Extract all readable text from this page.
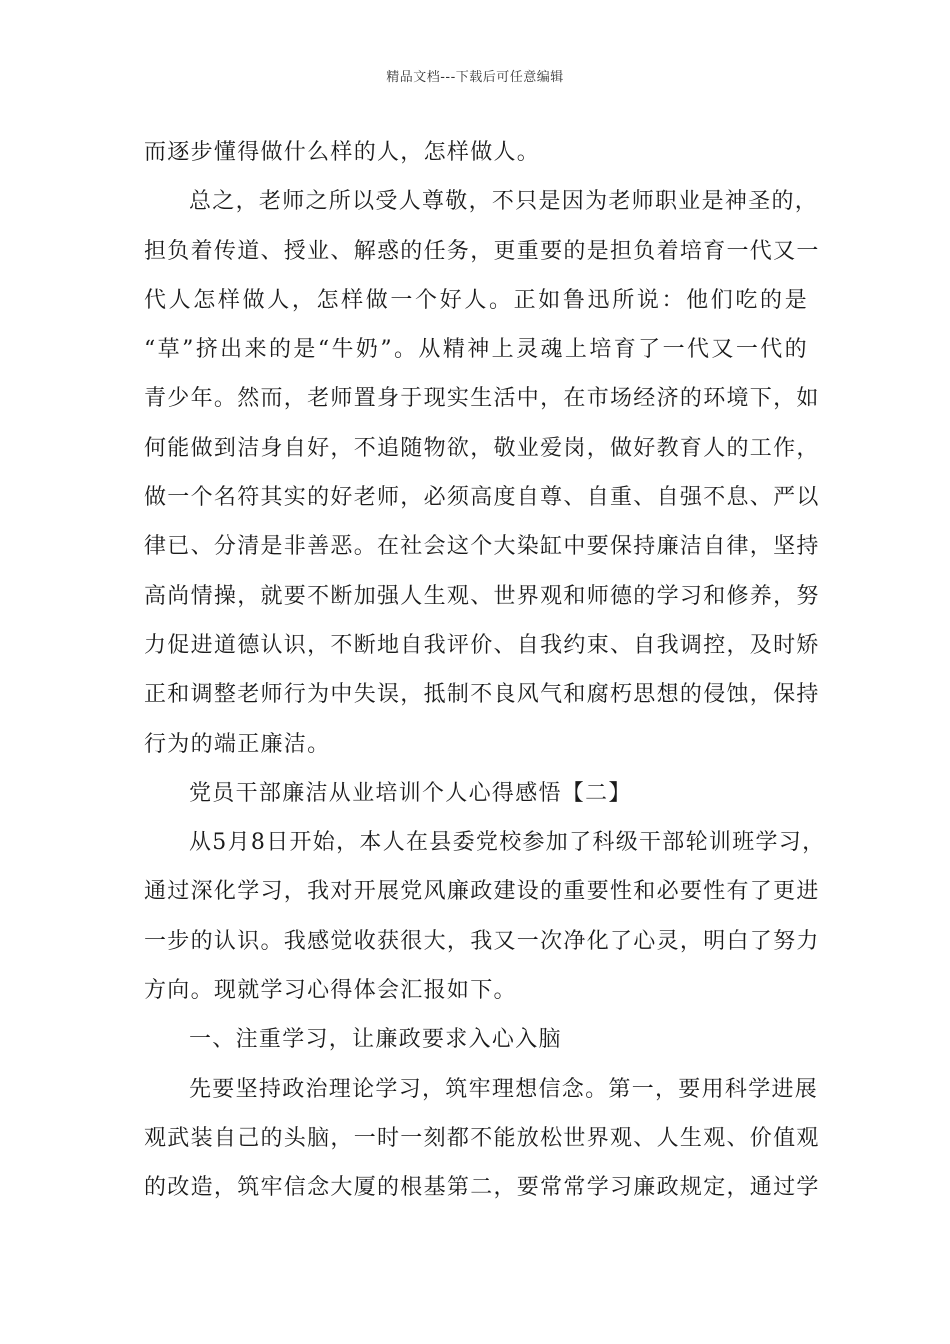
精品文档---下载后可任意编辑
而逐步懂得做什么样的人，怎样做人。
总之，老师之所以受人尊敬，不只是因为老师职业是神圣的，
担负着传道、授业、解惑的任务，更重要的是担负着培育一代又一
代人怎样做人，怎样做一个好人。正如鲁迅所说：他们吃的是
“草”挤出来的是“牛奶”。从精神上灵魂上培育了一代又一代的
青少年。然而，老师置身于现实生活中，在市场经济的环境下，如
何能做到洁身自好，不追随物欲，敬业爱岗，做好教育人的工作，
做一个名符其实的好老师，必须高度自尊、自重、自强不息、严以
律已、分清是非善恶。在社会这个大染缸中要保持廉洁自律，坚持
高尚情操，就要不断加强人生观、世界观和师德的学习和修养，努
力促进道德认识，不断地自我评价、自我约束、自我调控，及时矫
正和调整老师行为中失误，抵制不良风气和腐朽思想的侵蚀，保持
行为的端正廉洁。
党员干部廉洁从业培训个人心得感悟【二】
从5月8日开始，本人在县委党校参加了科级干部轮训班学习，
通过深化学习，我对开展党风廉政建设的重要性和必要性有了更进
一步的认识。我感觉收获很大，我又一次净化了心灵，明白了努力
方向。现就学习心得体会汇报如下。
一、注重学习，让廉政要求入心入脑
先要坚持政治理论学习，筑牢理想信念。第一，要用科学进展
观武装自己的头脑，一时一刻都不能放松世界观、人生观、价值观
的改造，筑牢信念大厦的根基第二，要常常学习廉政规定，通过学
